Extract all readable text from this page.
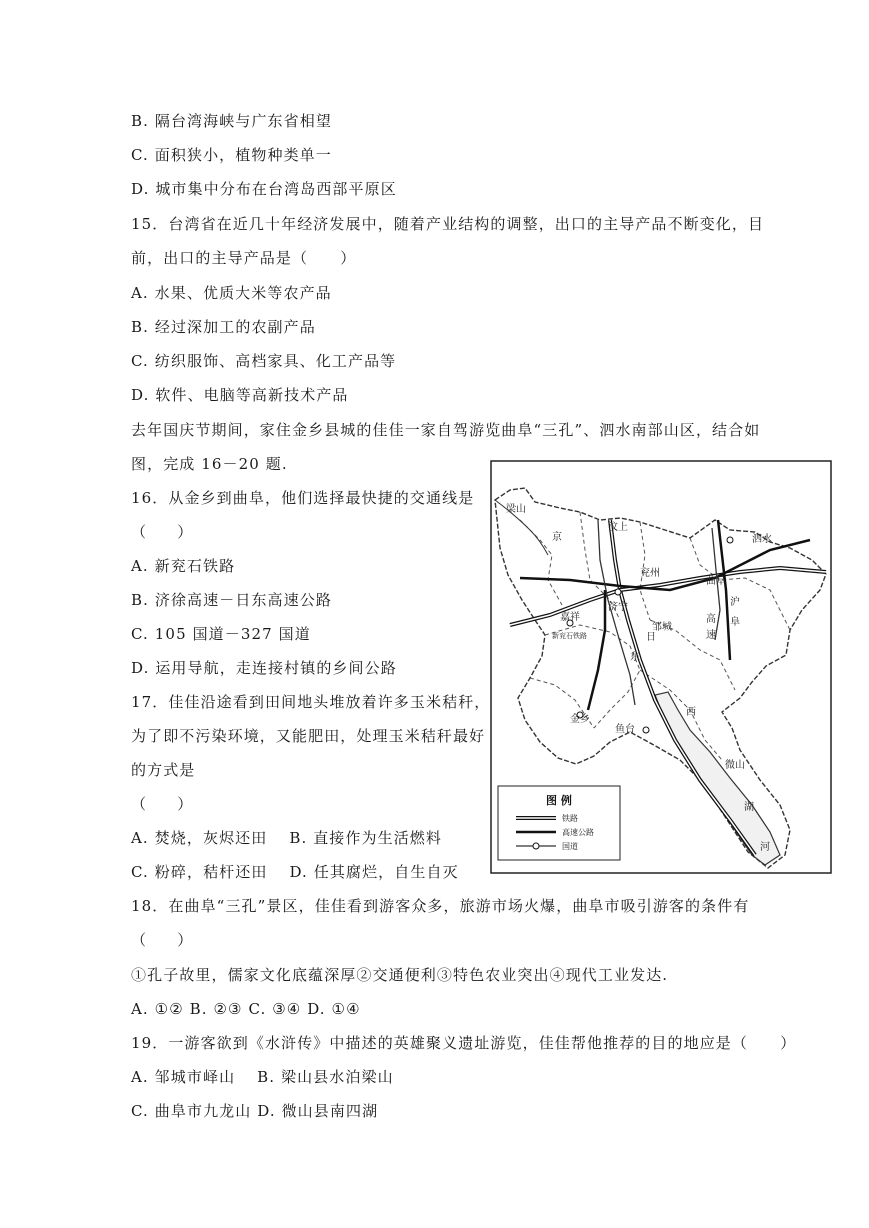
B. 隔台湾海峡与广东省相望
C. 面积狭小，植物种类单一
D. 城市集中分布在台湾岛西部平原区
15．台湾省在近几十年经济发展中，随着产业结构的调整，出口的主导产品不断变化，目
前，出口的主导产品是（　　）
A. 水果、优质大米等农产品
B. 经过深加工的农副产品
C. 纺织服饰、高档家具、化工产品等
D. 软件、电脑等高新技术产品
去年国庆节期间，家住金乡县城的佳佳一家自驾游览曲阜“三孔”、泗水南部山区，结合如
图，完成 16－20 题.
16．从金乡到曲阜，他们选择最快捷的交通线是
（　　）
A. 新兖石铁路
B. 济徐高速－日东高速公路
C. 105 国道－327 国道
D. 运用导航，走连接村镇的乡间公路
17．佳佳沿途看到田间地头堆放着许多玉米秸秆，
为了即不污染环境，又能肥田，处理玉米秸秆最好
的方式是
（　　）
A. 焚烧，灰烬还田　 B. 直接作为生活燃料
C. 粉碎，秸杆还田　 D. 任其腐烂，自生自灭
18．在曲阜“三孔”景区，佳佳看到游客众多，旅游市场火爆，曲阜市吸引游客的条件有
（　　）
①孔子故里，儒家文化底蕴深厚②交通便利③特色农业突出④现代工业发达.
A. ①② B. ②③ C. ③④ D. ①④
19．一游客欲到《水浒传》中描述的英雄聚义遗址游览，佳佳帮他推荐的目的地应是（　　）
A. 邹城市峄山　 B. 梁山县水泊梁山
C. 曲阜市九龙山 D. 微山县南四湖
梁山
汶上
泗水
兖州
曲阜
嘉祥
济宁
邹城
金乡
鱼台
微山
新兖石铁路
京
沪
日
东
高
速
阜
西
湖
河
图 例
铁路
高速公路
国道
